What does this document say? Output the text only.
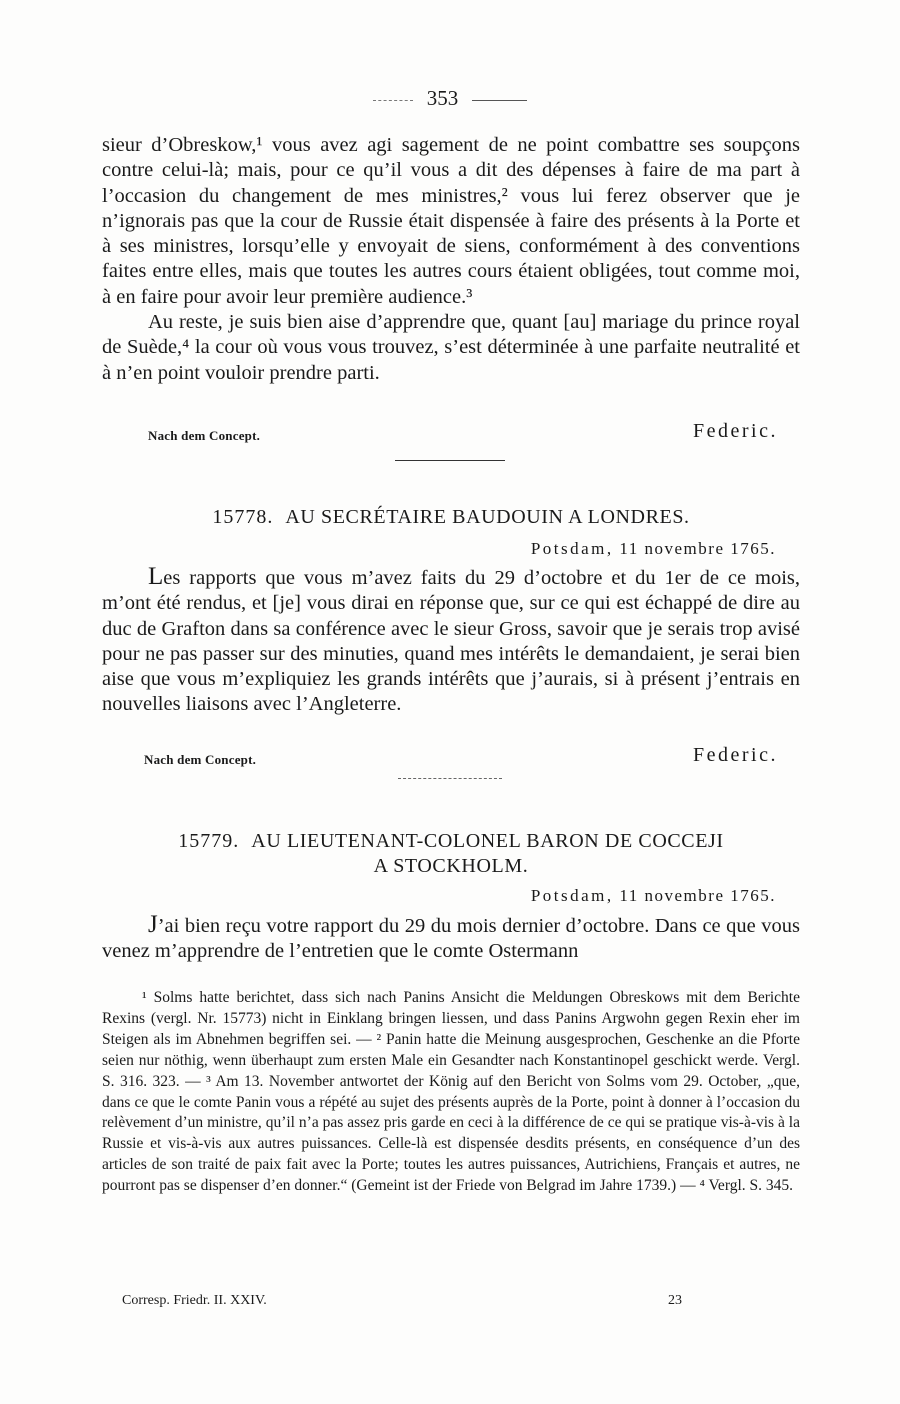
353

sieur d’Obreskow,¹ vous avez agi sagement de ne point combattre ses soupçons contre celui-là; mais, pour ce qu’il vous a dit des dépenses à faire de ma part à l’occasion du changement de mes ministres,² vous lui ferez observer que je n’ignorais pas que la cour de Russie était dispensée à faire des présents à la Porte et à ses ministres, lorsqu’elle y envoyait de siens, conformément à des conventions faites entre elles, mais que toutes les autres cours étaient obligées, tout comme moi, à en faire pour avoir leur première audience.³

Au reste, je suis bien aise d’apprendre que, quant [au] mariage du prince royal de Suède,⁴ la cour où vous vous trouvez, s’est déterminée à une parfaite neutralité et à n’en point vouloir prendre parti.

Nach dem Concept.	Federic.
15778. AU SECRÉTAIRE BAUDOUIN A LONDRES.
Potsdam, 11 novembre 1765.

Les rapports que vous m’avez faits du 29 d’octobre et du 1er de ce mois, m’ont été rendus, et [je] vous dirai en réponse que, sur ce qui est échappé de dire au duc de Grafton dans sa conférence avec le sieur Gross, savoir que je serais trop avisé pour ne pas passer sur des minuties, quand mes intérêts le demandaient, je serai bien aise que vous m’expliquiez les grands intérêts que j’aurais, si à présent j’entrais en nouvelles liaisons avec l’Angleterre.

Nach dem Concept.	Federic.
15779. AU LIEUTENANT-COLONEL BARON DE COCCEJI
A STOCKHOLM.
Potsdam, 11 novembre 1765.

J’ai bien reçu votre rapport du 29 du mois dernier d’octobre. Dans ce que vous venez m’apprendre de l’entretien que le comte Ostermann

¹ Solms hatte berichtet, dass sich nach Panins Ansicht die Meldungen Obreskows mit dem Berichte Rexins (vergl. Nr. 15773) nicht in Einklang bringen liessen, und dass Panins Argwohn gegen Rexin eher im Steigen als im Abnehmen begriffen sei. — ² Panin hatte die Meinung ausgesprochen, Geschenke an die Pforte seien nur nöthig, wenn überhaupt zum ersten Male ein Gesandter nach Konstantinopel geschickt werde. Vergl. S. 316. 323. — ³ Am 13. November antwortet der König auf den Bericht von Solms vom 29. October, „que, dans ce que le comte Panin vous a répété au sujet des présents auprès de la Porte, point à donner à l’occasion du relèvement d’un ministre, qu’il n’a pas assez pris garde en ceci à la différence de ce qui se pratique vis-à-vis à la Russie et vis-à-vis aux autres puissances. Celle-là est dispensée desdits présents, en conséquence d’un des articles de son traité de paix fait avec la Porte; toutes les autres puissances, Autrichiens, Français et autres, ne pourront pas se dispenser d’en donner.“ (Gemeint ist der Friede von Belgrad im Jahre 1739.) — ⁴ Vergl. S. 345.

Corresp. Friedr. II. XXIV.	23
